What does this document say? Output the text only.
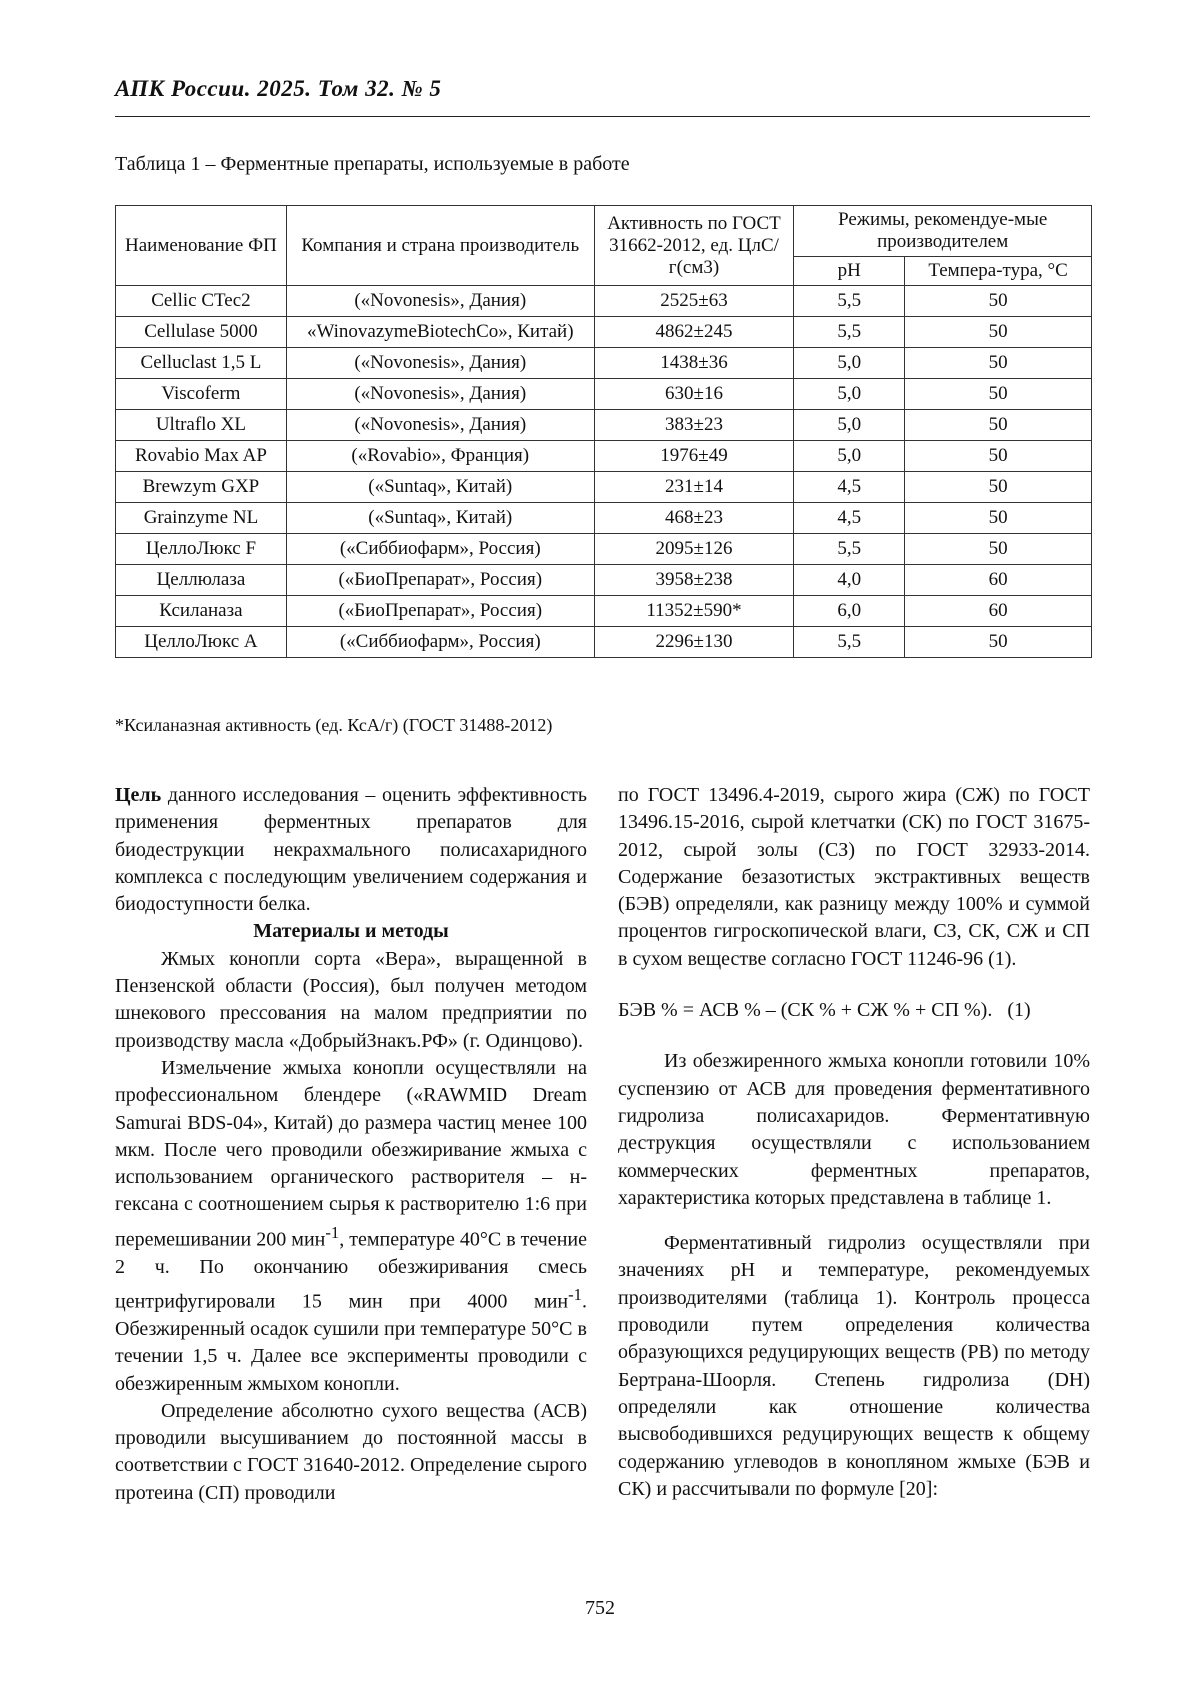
АПК России. 2025. Том 32. № 5
Таблица 1 – Ферментные препараты, используемые в работе
Наименование ФП	Компания и страна производитель	Активность по ГОСТ 31662-2012, ед. ЦлС/г(см3)	Режимы, рекомендуе-мые производителем	
			pH	Темпера-тура, °С
Cellic CTec2	(«Novonesis», Дания)	2525±63	5,5	50
Cellulase 5000	«WinovazymeBiotechCo», Китай)	4862±245	5,5	50
Celluclast 1,5 L	(«Novonesis», Дания)	1438±36	5,0	50
Viscoferm	(«Novonesis», Дания)	630±16	5,0	50
Ultraflo XL	(«Novonesis», Дания)	383±23	5,0	50
Rovabio Max AP	(«Rovabio», Франция)	1976±49	5,0	50
Brewzym GXP	(«Suntaq», Китай)	231±14	4,5	50
Grainzyme NL	(«Suntaq», Китай)	468±23	4,5	50
ЦеллоЛюкс F	(«Сиббиофарм», Россия)	2095±126	5,5	50
Целлюлаза	(«БиоПрепарат», Россия)	3958±238	4,0	60
Ксиланаза	(«БиоПрепарат», Россия)	11352±590*	6,0	60
ЦеллоЛюкс А	(«Сиббиофарм», Россия)	2296±130	5,5	50
*Ксиланазная активность (ед. КсА/г) (ГОСТ 31488-2012)

Цель данного исследования – оценить эффективность применения ферментных препаратов для биодеструкции некрахмального полисахаридного комплекса с последующим увеличением содержания и биодоступности белка.

Материалы и методы

Жмых конопли сорта «Вера», выращенной в Пензенской области (Россия), был получен методом шнекового прессования на малом предприятии по производству масла «ДобрыйЗнакъ.РФ» (г. Одинцово).

Измельчение жмыха конопли осуществляли на профессиональном блендере («RAWMID Dream Samurai BDS-04», Китай) до размера частиц менее 100 мкм. После чего проводили обезжиривание жмыха с использованием органического растворителя – н-гексана с соотношением сырья к растворителю 1:6 при перемешивании 200 мин$^{-1}$, температуре 40°С в течение 2 ч. По окончанию обезжиривания смесь центрифугировали 15 мин при 4000 мин$^{-1}$. Обезжиренный осадок сушили при температуре 50°С в течении 1,5 ч. Далее все эксперименты проводили с обезжиренным жмыхом конопли.

Определение абсолютно сухого вещества (АСВ) проводили высушиванием до постоянной массы в соответствии с ГОСТ 31640-2012. Определение сырого протеина (СП) проводили

по ГОСТ 13496.4-2019, сырого жира (СЖ) по ГОСТ 13496.15-2016, сырой клетчатки (СК) по ГОСТ 31675-2012, сырой золы (СЗ) по ГОСТ 32933-2014. Содержание безазотистых экстрактивных веществ (БЭВ) определяли, как разницу между 100% и суммой процентов гигроскопической влаги, СЗ, СК, СЖ и СП в сухом веществе согласно ГОСТ 11246-96 (1).

БЭВ % = АСВ % – (СК % + СЖ % + СП %). (1)

Из обезжиренного жмыха конопли готовили 10% суспензию от АСВ для проведения ферментативного гидролиза полисахаридов. Ферментативную деструкция осуществляли с использованием коммерческих ферментных препаратов, характеристика которых представлена в таблице 1.

Ферментативный гидролиз осуществляли при значениях pH и температуре, рекомендуемых производителями (таблица 1). Контроль процесса проводили путем определения количества образующихся редуцирующих веществ (РВ) по методу Бертрана-Шоорля. Степень гидролиза (DH) определяли как отношение количества высвободившихся редуцирующих веществ к общему содержанию углеводов в конопляном жмыхе (БЭВ и СК) и рассчитывали по формуле [20]:

752
